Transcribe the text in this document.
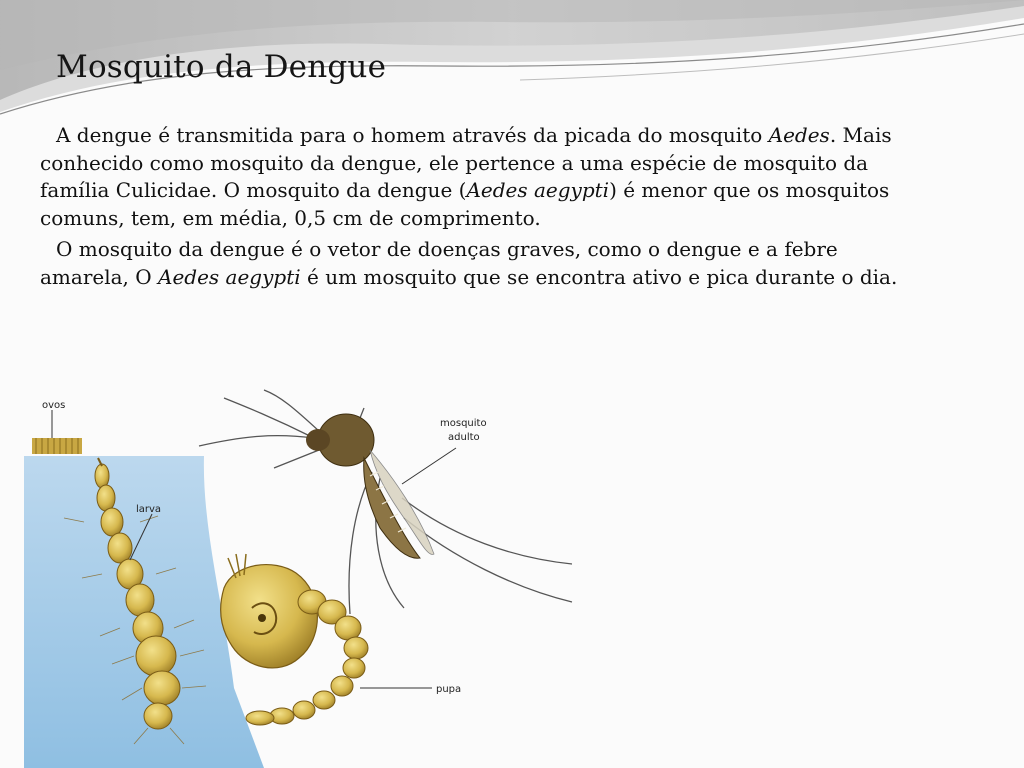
Mosquito da Dengue

A dengue é transmitida para o homem através da picada do mosquito Aedes. Mais conhecido como mosquito da dengue, ele pertence a uma espécie de mosquito da família Culicidae. O mosquito da dengue (Aedes aegypti) é menor que os mosquitos comuns, tem, em média, 0,5 cm de comprimento.

O mosquito da dengue é o vetor de doenças graves, como o dengue e a febre amarela, O Aedes aegypti é um mosquito que se encontra ativo e pica durante o dia.

ovos
larva
pupa
mosquito
adulto
